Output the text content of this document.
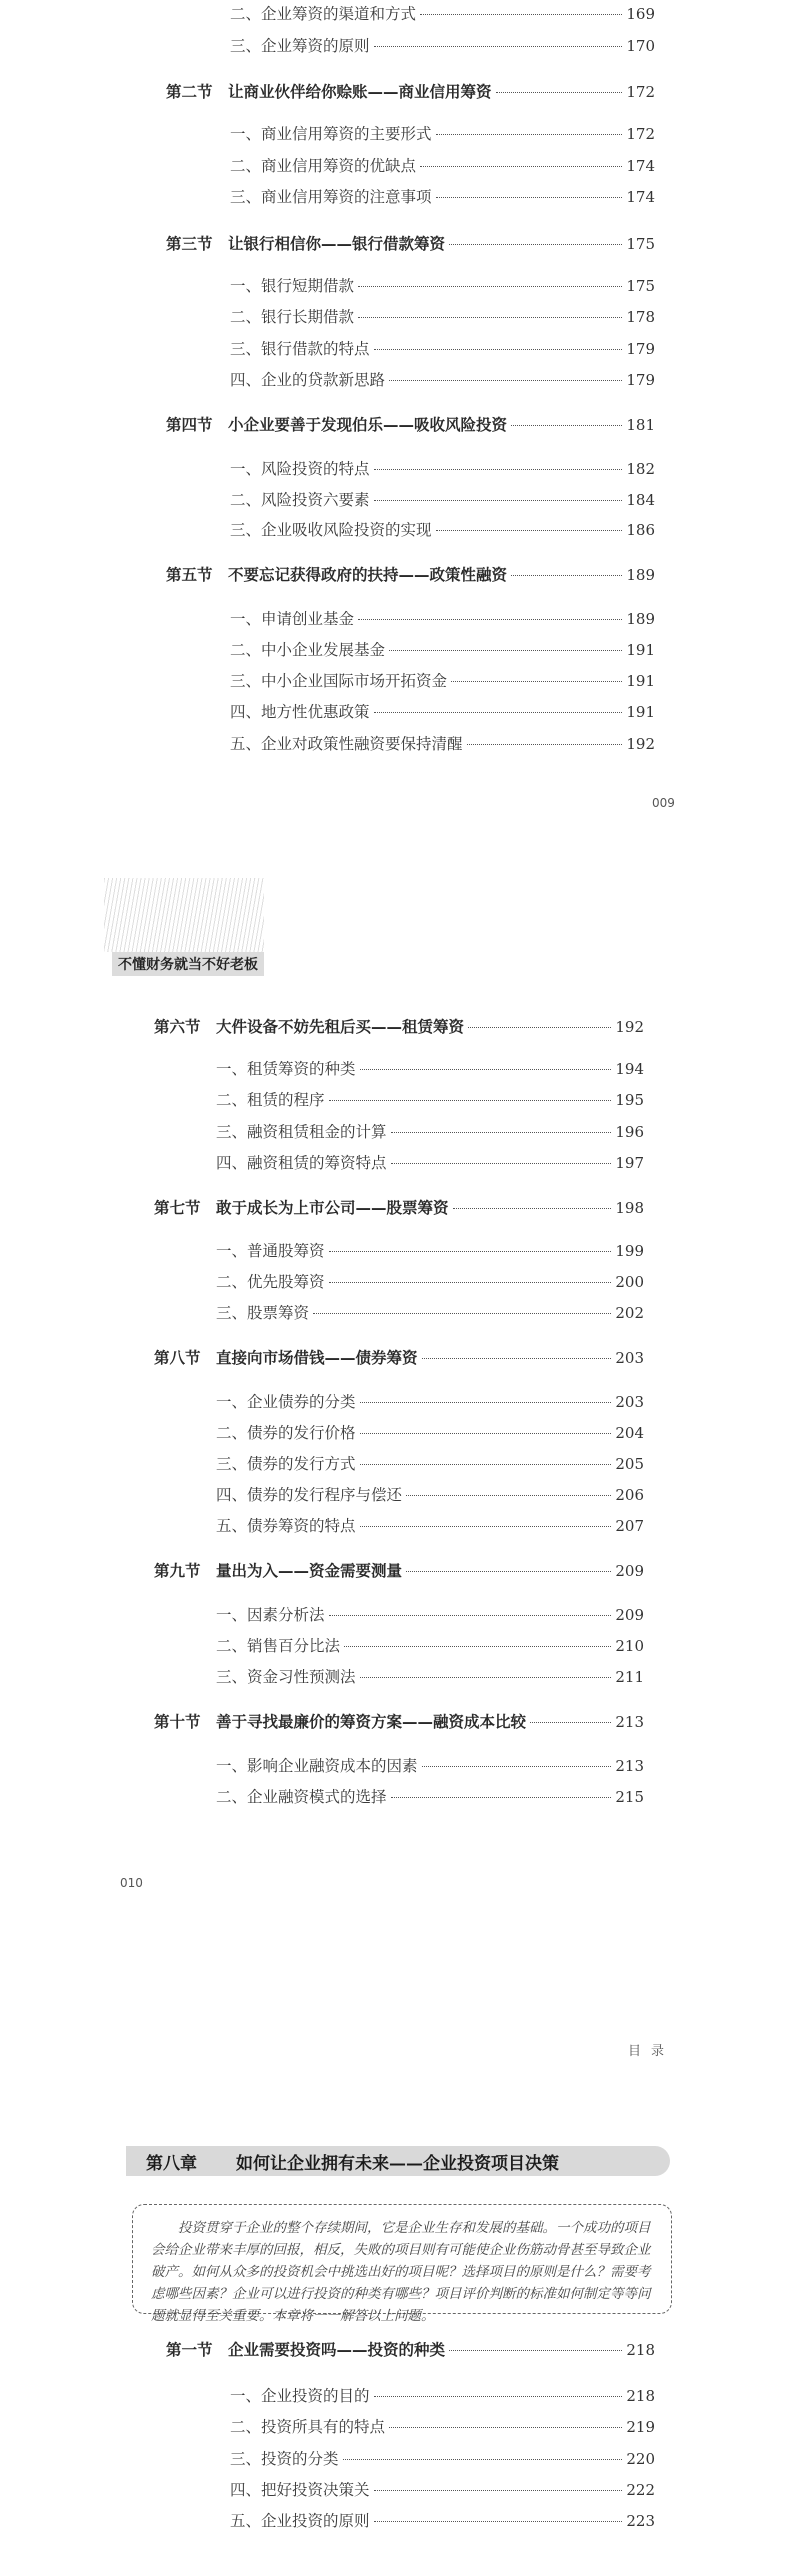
二、企业筹资的渠道和方式	169
三、企业筹资的原则	170
第二节 让商业伙伴给你赊账——商业信用筹资	172
一、商业信用筹资的主要形式	172
二、商业信用筹资的优缺点	174
三、商业信用筹资的注意事项	174
第三节 让银行相信你——银行借款筹资	175
一、银行短期借款	175
二、银行长期借款	178
三、银行借款的特点	179
四、企业的贷款新思路	179
第四节 小企业要善于发现伯乐——吸收风险投资	181
一、风险投资的特点	182
二、风险投资六要素	184
三、企业吸收风险投资的实现	186
第五节 不要忘记获得政府的扶持——政策性融资	189
一、申请创业基金	189
二、中小企业发展基金	191
三、中小企业国际市场开拓资金	191
四、地方性优惠政策	191
五、企业对政策性融资要保持清醒	192
009
不懂财务就当不好老板
第六节 大件设备不妨先租后买——租赁筹资	192
一、租赁筹资的种类	194
二、租赁的程序	195
三、融资租赁租金的计算	196
四、融资租赁的筹资特点	197
第七节 敢于成长为上市公司——股票筹资	198
一、普通股筹资	199
二、优先股筹资	200
三、股票筹资	202
第八节 直接向市场借钱——债券筹资	203
一、企业债券的分类	203
二、债券的发行价格	204
三、债券的发行方式	205
四、债券的发行程序与偿还	206
五、债券筹资的特点	207
第九节 量出为入——资金需要测量	209
一、因素分析法	209
二、销售百分比法	210
三、资金习性预测法	211
第十节 善于寻找最廉价的筹资方案——融资成本比较	213
一、影响企业融资成本的因素	213
二、企业融资模式的选择	215
010
目录
第八章	如何让企业拥有未来——企业投资项目决策

投资贯穿于企业的整个存续期间，它是企业生存和发展的基础。一个成功的项目会给企业带来丰厚的回报，相反，失败的项目则有可能使企业伤筋动骨甚至导致企业破产。如何从众多的投资机会中挑选出好的项目呢？选择项目的原则是什么？需要考虑哪些因素？企业可以进行投资的种类有哪些？项目评价判断的标准如何制定等等问题就显得至关重要。本章将一一解答以上问题。

第一节 企业需要投资吗——投资的种类	218
一、企业投资的目的	218
二、投资所具有的特点	219
三、投资的分类	220
四、把好投资决策关	222
五、企业投资的原则	223
